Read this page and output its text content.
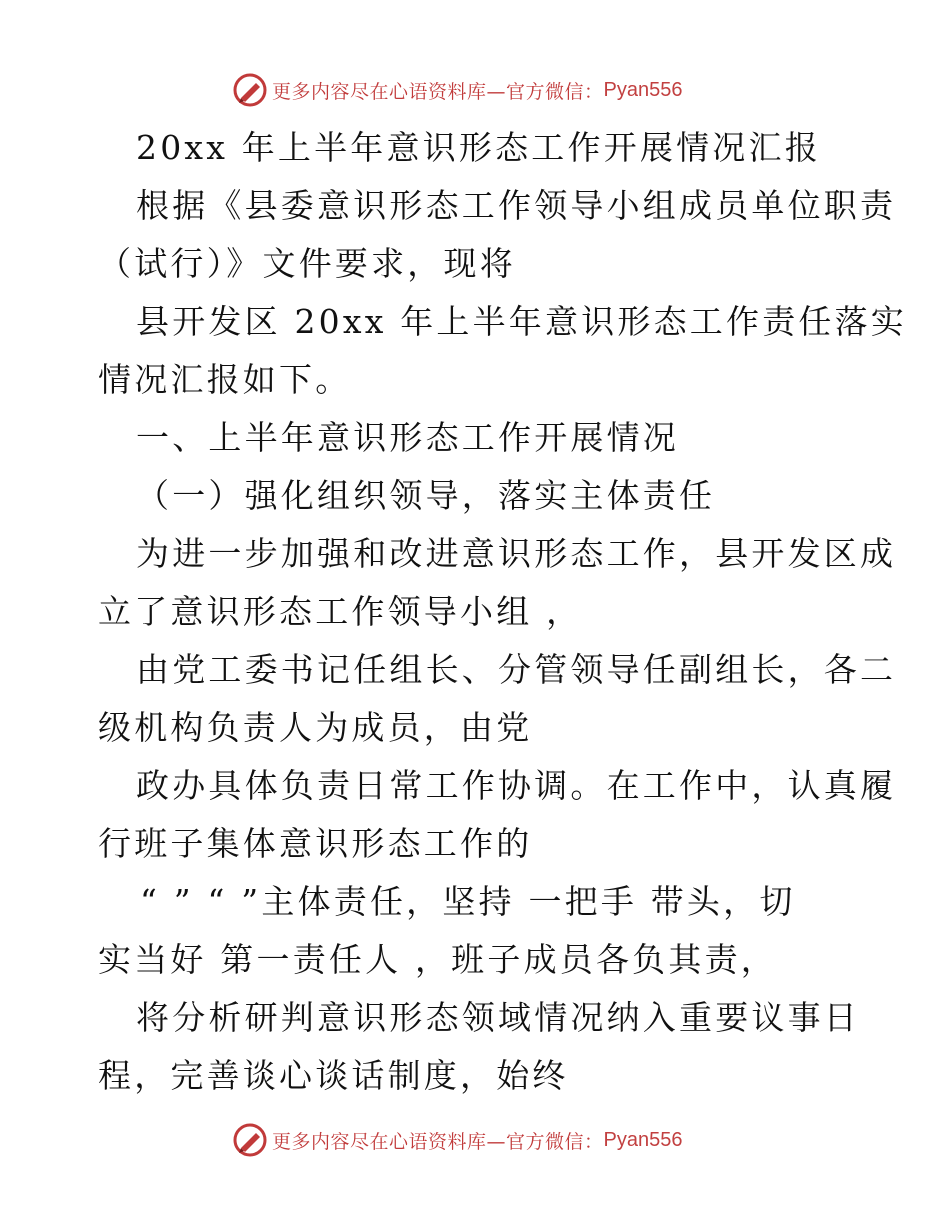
更多内容尽在心语资料库—官方微信： Pyan556
20xx 年上半年意识形态工作开展情况汇报
根据《县委意识形态工作领导小组成员单位职责
（试行）》文件要求，现将
县开发区 20xx 年上半年意识形态工作责任落实
情况汇报如下。
一、上半年意识形态工作开展情况
（一）强化组织领导，落实主体责任
为进一步加强和改进意识形态工作，县开发区成
立了意识形态工作领导小组 ，
由党工委书记任组长、分管领导任副组长，各二
级机构负责人为成员，由党
政办具体负责日常工作协调。在工作中，认真履
行班子集体意识形态工作的
“ ” “ ”主体责任，坚持 一把手 带头，切
实当好 第一责任人 ，班子成员各负其责，
将分析研判意识形态领域情况纳入重要议事日
程，完善谈心谈话制度，始终
更多内容尽在心语资料库—官方微信： Pyan556
